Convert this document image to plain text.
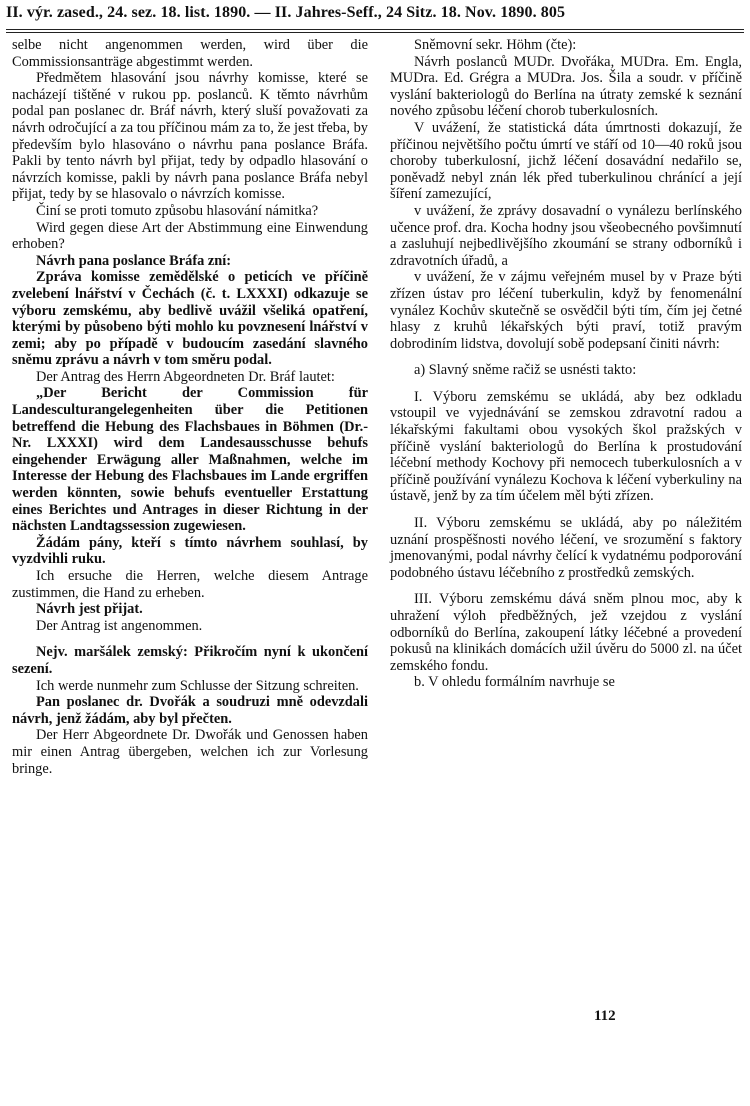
II. výr. zased., 24. sez. 18. list. 1890. — II. Jahres-Seff., 24 Sitz. 18. Nov. 1890. 805

selbe nicht angenommen werden, wird über die Commissionsanträge abgestimmt werden.

Předmětem hlasování jsou návrhy komisse, které se nacházejí tištěné v rukou pp. poslanců. K těmto návrhům podal pan poslanec dr. Bráf návrh, který sluší považovati za návrh odročující a za tou příčinou mám za to, že jest třeba, by především bylo hlasováno o návrhu pana poslance Bráfa. Pakli by tento návrh byl přijat, tedy by odpadlo hlasování o návrzích komisse, pakli by návrh pana poslance Bráfa nebyl přijat, tedy by se hlasovalo o návrzích komisse.

Činí se proti tomuto způsobu hlasování námitka?

Wird gegen diese Art der Abstimmung eine Einwendung erhoben?

Návrh pana poslance Bráfa zní:

Zpráva komisse zemědělské o peticích ve příčině zvelebení lnářství v Čechách (č. t. LXXXI) odkazuje se výboru zemskému, aby bedlivě uvážil všeliká opatření, kterými by působeno býti mohlo ku povznesení lnářství v zemi; aby po případě v budoucím zasedání slavného sněmu zprávu a návrh v tom směru podal.

Der Antrag des Herrn Abgeordneten Dr. Bráf lautet:

„Der Bericht der Commission für Landesculturangelegenheiten über die Petitionen betreffend die Hebung des Flachsbaues in Böhmen (Dr.-Nr. LXXXI) wird dem Landesausschusse behufs eingehender Erwägung aller Maßnahmen, welche im Interesse der Hebung des Flachsbaues im Lande ergriffen werden könnten, sowie behufs eventueller Erstattung eines Berichtes und Antrages in dieser Richtung in der nächsten Landtagssession zugewiesen.

Žádám pány, kteří s tímto návrhem souhlasí, by vyzdvihli ruku.

Ich ersuche die Herren, welche diesem Antrage zustimmen, die Hand zu erheben.

Návrh jest přijat.

Der Antrag ist angenommen.

Nejv. maršálek zemský: Přikročím nyní k ukončení sezení.

Ich werde nunmehr zum Schlusse der Sitzung schreiten.

Pan poslanec dr. Dvořák a soudruzi mně odevzdali návrh, jenž žádám, aby byl přečten.

Der Herr Abgeordnete Dr. Dwořák und Genossen haben mir einen Antrag übergeben, welchen ich zur Vorlesung bringe.

Sněmovní sekr. Höhm (čte):

Návrh poslanců MUDr. Dvořáka, MUDra. Em. Engla, MUDra. Ed. Grégra a MUDra. Jos. Šila a soudr. v příčině vyslání bakteriologů do Berlína na útraty zemské k seznání nového způsobu léčení chorob tuberkulosních.

V uvážení, že statistická dáta úmrtnosti dokazují, že příčinou největšího počtu úmrtí ve stáří od 10—40 roků jsou choroby tuberkulosní, jichž léčení dosavádní nedařilo se, poněvadž nebyl znán lék před tuberkulinou chránící a její šíření zamezující,

v uvážení, že zprávy dosavadní o vynálezu berlínského učence prof. dra. Kocha hodny jsou všeobecného povšimnutí a zasluhují nejbedlivějšího zkoumání se strany odborníků i zdravotních úřadů, a

v uvážení, že v zájmu veřejném musel by v Praze býti zřízen ústav pro léčení tuberkulin, když by fenomenální vynález Kochův skutečně se osvědčil býti tím, čím jej četné hlasy z kruhů lékařských býti praví, totiž pravým dobrodiním lidstva, dovolují sobě podepsaní činiti návrh:

a) Slavný sněme račiž se usnésti takto:

I. Výboru zemskému se ukládá, aby bez odkladu vstoupil ve vyjednávání se zemskou zdravotní radou a lékařskými fakultami obou vysokých škol pražských v příčině vyslání bakteriologů do Berlína k prostudování léčební methody Kochovy při nemocech tuberkulosních a v příčině používání vynálezu Kochova k léčení vyberkuliny na ústavě, jenž by za tím účelem měl býti zřízen.

II. Výboru zemskému se ukládá, aby po náležitém uznání prospěšnosti nového léčení, ve srozumění s faktory jmenovanými, podal návrhy čelící k vydatnému podporování podobného ústavu léčebního z prostředků zemských.

III. Výboru zemskému dává sněm plnou moc, aby k uhražení výloh předběžných, jež vzejdou z vyslání odborníků do Berlína, zakoupení látky léčebné a provedení pokusů na klinikách domácích užil úvěru do 5000 zl. na účet zemského fondu.

b. V ohledu formálním navrhuje se

112
